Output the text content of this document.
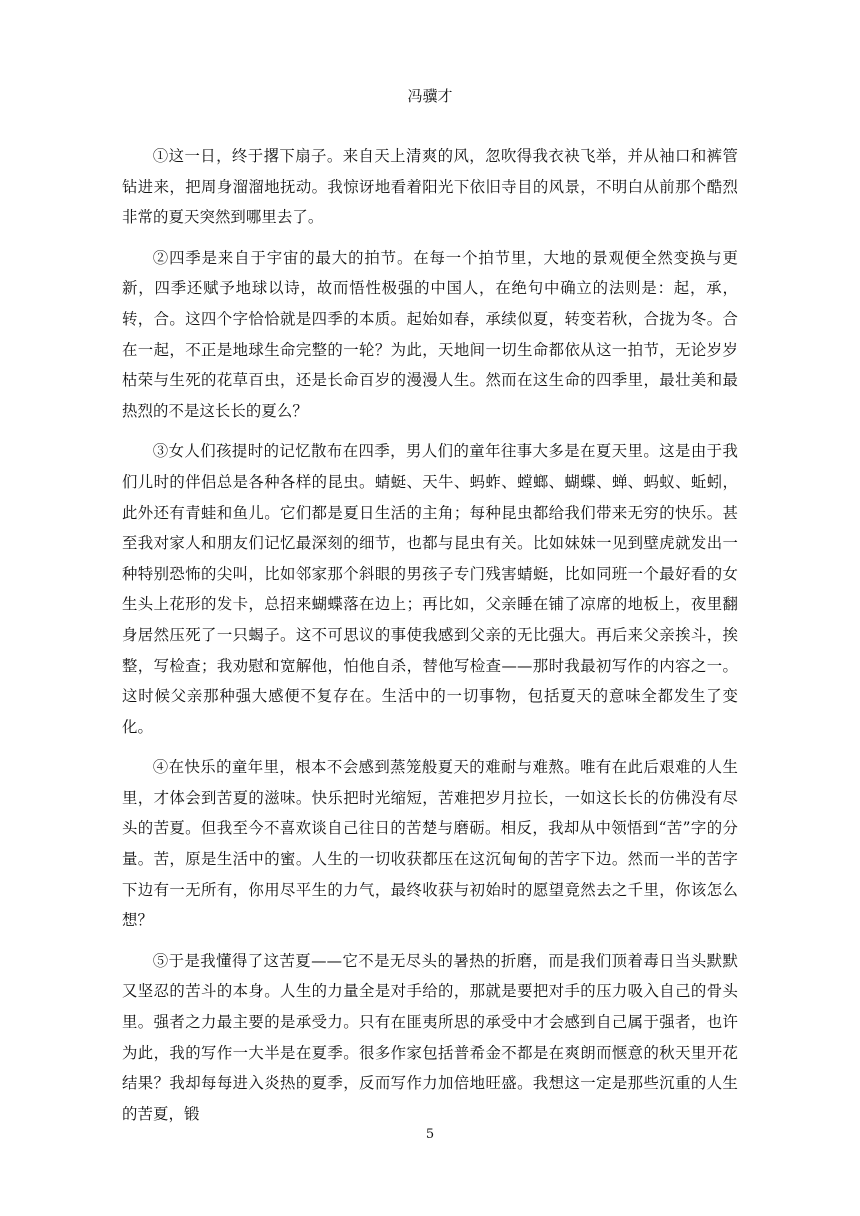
冯骥才

①这一日，终于撂下扇子。来自天上清爽的风，忽吹得我衣袂飞举，并从袖口和裤管钻进来，把周身溜溜地抚动。我惊讶地看着阳光下依旧寺目的风景，不明白从前那个酷烈非常的夏天突然到哪里去了。

②四季是来自于宇宙的最大的拍节。在每一个拍节里，大地的景观便全然变换与更新，四季还赋予地球以诗，故而悟性极强的中国人，在绝句中确立的法则是：起，承，转，合。这四个字恰恰就是四季的本质。起始如春，承续似夏，转变若秋，合拢为冬。合在一起，不正是地球生命完整的一轮？为此，天地间一切生命都依从这一拍节，无论岁岁枯荣与生死的花草百虫，还是长命百岁的漫漫人生。然而在这生命的四季里，最壮美和最热烈的不是这长长的夏么？

③女人们孩提时的记忆散布在四季，男人们的童年往事大多是在夏天里。这是由于我们儿时的伴侣总是各种各样的昆虫。蜻蜓、天牛、蚂蚱、螳螂、蝴蝶、蝉、蚂蚁、蚯蚓，此外还有青蛙和鱼儿。它们都是夏日生活的主角；每种昆虫都给我们带来无穷的快乐。甚至我对家人和朋友们记忆最深刻的细节，也都与昆虫有关。比如妹妹一见到壁虎就发出一种特别恐怖的尖叫，比如邻家那个斜眼的男孩子专门残害蜻蜓，比如同班一个最好看的女生头上花形的发卡，总招来蝴蝶落在边上；再比如，父亲睡在铺了凉席的地板上，夜里翻身居然压死了一只蝎子。这不可思议的事使我感到父亲的无比强大。再后来父亲挨斗，挨整，写检查；我劝慰和宽解他，怕他自杀，替他写检查——那时我最初写作的内容之一。这时候父亲那种强大感便不复存在。生活中的一切事物，包括夏天的意味全都发生了变化。

④在快乐的童年里，根本不会感到蒸笼般夏天的难耐与难熬。唯有在此后艰难的人生里，才体会到苦夏的滋味。快乐把时光缩短，苦难把岁月拉长，一如这长长的仿佛没有尽头的苦夏。但我至今不喜欢谈自己往日的苦楚与磨砺。相反，我却从中领悟到“苦”字的分量。苦，原是生活中的蜜。人生的一切收获都压在这沉甸甸的苦字下边。然而一半的苦字下边有一无所有，你用尽平生的力气，最终收获与初始时的愿望竟然去之千里，你该怎么想？

⑤于是我懂得了这苦夏——它不是无尽头的暑热的折磨，而是我们顶着毒日当头默默又坚忍的苦斗的本身。人生的力量全是对手给的，那就是要把对手的压力吸入自己的骨头里。强者之力最主要的是承受力。只有在匪夷所思的承受中才会感到自己属于强者，也许为此，我的写作一大半是在夏季。很多作家包括普希金不都是在爽朗而惬意的秋天里开花结果？我却每每进入炎热的夏季，反而写作力加倍地旺盛。我想这一定是那些沉重的人生的苦夏，锻

5
